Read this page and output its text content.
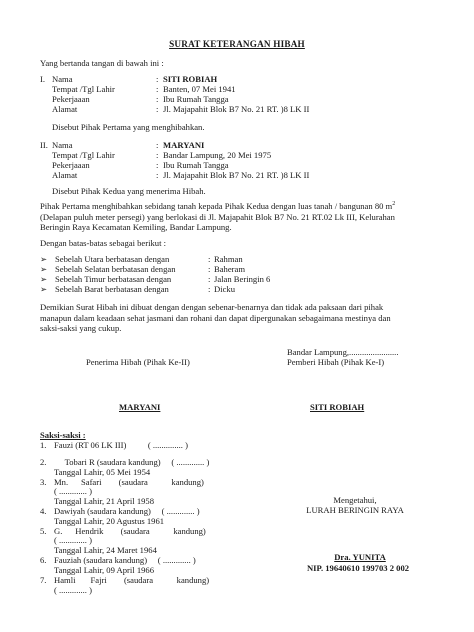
SURAT KETERANGAN HIBAH
Yang bertanda tangan di bawah ini :
I. Nama	: SITI ROBIAH
Tempat /Tgl Lahir	: Banten, 07 Mei 1941
Pekerjaaan	: Ibu Rumah Tangga
Alamat	: Jl. Majapahit Blok B7 No. 21 RT. )8 LK II
Disebut Pihak Pertama yang menghibahkan.
II. Nama	: MARYANI
Tempat /Tgl Lahir	: Bandar Lampung, 20 Mei 1975
Pekerjaaan	: Ibu Rumah Tangga
Alamat	: Jl. Majapahit Blok B7 No. 21 RT. )8 LK II
Disebut Pihak Kedua yang menerima Hibah.
Pihak Pertama menghibahkan sebidang tanah kepada Pihak Kedua dengan luas tanah / bangunan 80 $m^2$
(Delapan puluh meter persegi) yang berlokasi di Jl. Majapahit Blok B7 No. 21 RT.02 Lk III, Kelurahan
Beringin Raya Kecamatan Kemiling, Bandar Lampung.
Dengan batas-batas sebagai berikut :
➢ Sebelah Utara berbatasan dengan	: Rahman
➢ Sebelah Selatan berbatasan dengan	: Baheram
➢ Sebelah Timur berbatasan dengan	: Jalan Beringin 6
➢ Sebelah Barat berbatasan dengan	: Dicku
Demikian Surat Hibah ini dibuat dengan dengan sebenar-benarnya dan tidak ada paksaan dari pihak
manapun dalam keadaan sehat jasmani dan rohani dan dapat dipergunakan sebagaimana mestinya dan
saksi-saksi yang cukup.
Bandar Lampung,.......................
Penerima Hibah (Pihak Ke-II)	Pemberi Hibah (Pihak Ke-I)
MARYANI	SITI ROBIAH
Saksi-saksi :
1. Fauzi (RT 06 LK III)          ( .............. )
2. Tobari R (saudara kandung)     ( ............. )
Tanggal Lahir, 05 Mei 1954
3. Mn.      Safari        (saudara           kandung)
( ............. )
Tanggal Lahir, 21 April 1958
4. Dawiyah (saudara kandung)     ( ............. )
Tanggal Lahir, 20 Agustus 1961
5. G.      Hendrik        (saudara           kandung)
( ............. )
Tanggal Lahir, 24 Maret 1964
6. Fauziah (saudara kandung)     ( ............. )
Tanggal Lahir, 09 April 1966
7. Hamli       Fajri        (saudara           kandung)
( ............. )
Mengetahui,
LURAH BERINGIN RAYA
Dra. YUNITA
NIP. 19640610 199703 2 002
